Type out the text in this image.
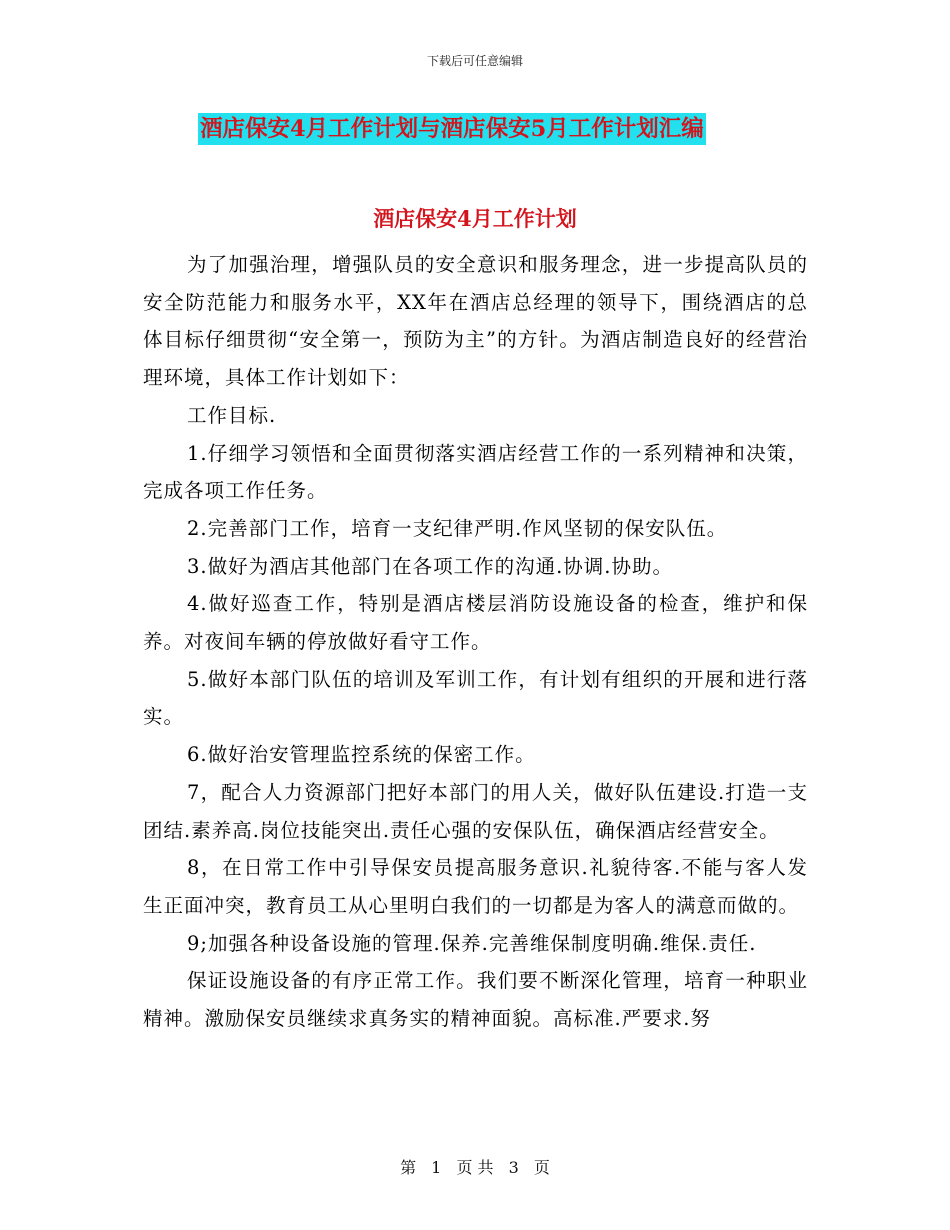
下载后可任意编辑
酒店保安4月工作计划与酒店保安5月工作计划汇编
酒店保安4月工作计划

为了加强治理，增强队员的安全意识和服务理念，进一步提高队员的安全防范能力和服务水平，XX年在酒店总经理的领导下，围绕酒店的总体目标仔细贯彻“安全第一，预防为主”的方针。为酒店制造良好的经营治理环境，具体工作计划如下：

工作目标.

1.仔细学习领悟和全面贯彻落实酒店经营工作的一系列精神和决策，完成各项工作任务。

2.完善部门工作，培育一支纪律严明.作风坚韧的保安队伍。

3.做好为酒店其他部门在各项工作的沟通.协调.协助。

4.做好巡查工作，特别是酒店楼层消防设施设备的检查，维护和保养。对夜间车辆的停放做好看守工作。

5.做好本部门队伍的培训及军训工作，有计划有组织的开展和进行落实。

6.做好治安管理监控系统的保密工作。

7，配合人力资源部门把好本部门的用人关，做好队伍建设.打造一支团结.素养高.岗位技能突出.责任心强的安保队伍，确保酒店经营安全。

8，在日常工作中引导保安员提高服务意识.礼貌待客.不能与客人发生正面冲突，教育员工从心里明白我们的一切都是为客人的满意而做的。

9;加强各种设备设施的管理.保养.完善维保制度明确.维保.责任.

保证设施设备的有序正常工作。我们要不断深化管理，培育一种职业精神。激励保安员继续求真务实的精神面貌。高标准.严要求.努

第 1 页 共 3 页
